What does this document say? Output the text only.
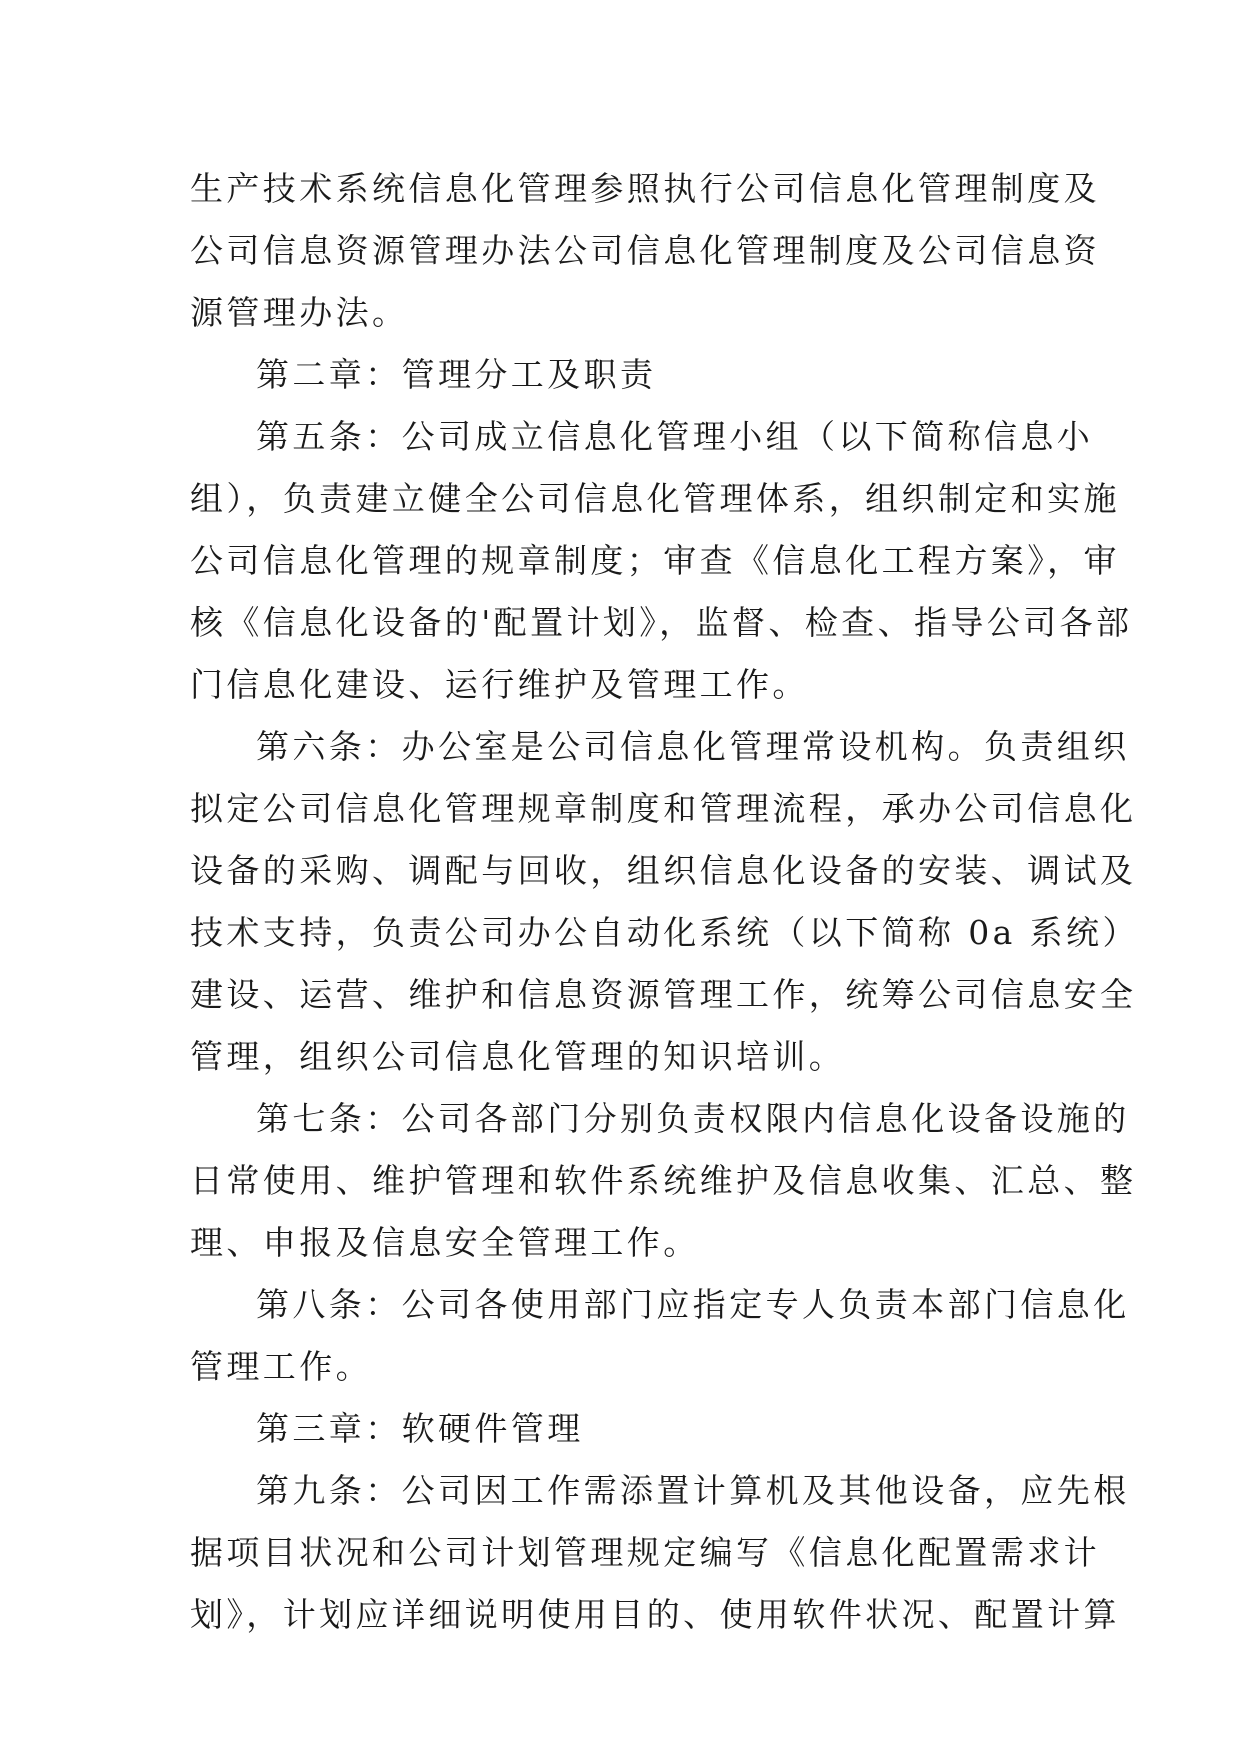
生产技术系统信息化管理参照执行公司信息化管理制度及
公司信息资源管理办法公司信息化管理制度及公司信息资
源管理办法。
第二章：管理分工及职责
第五条：公司成立信息化管理小组（以下简称信息小
组），负责建立健全公司信息化管理体系，组织制定和实施
公司信息化管理的规章制度；审查《信息化工程方案》，审
核《信息化设备的'配置计划》，监督、检查、指导公司各部
门信息化建设、运行维护及管理工作。
第六条：办公室是公司信息化管理常设机构。负责组织
拟定公司信息化管理规章制度和管理流程，承办公司信息化
设备的采购、调配与回收，组织信息化设备的安装、调试及
技术支持，负责公司办公自动化系统（以下简称 0a 系统）
建设、运营、维护和信息资源管理工作，统筹公司信息安全
管理，组织公司信息化管理的知识培训。
第七条：公司各部门分别负责权限内信息化设备设施的
日常使用、维护管理和软件系统维护及信息收集、汇总、整
理、申报及信息安全管理工作。
第八条：公司各使用部门应指定专人负责本部门信息化
管理工作。
第三章：软硬件管理
第九条：公司因工作需添置计算机及其他设备，应先根
据项目状况和公司计划管理规定编写《信息化配置需求计
划》，计划应详细说明使用目的、使用软件状况、配置计算
